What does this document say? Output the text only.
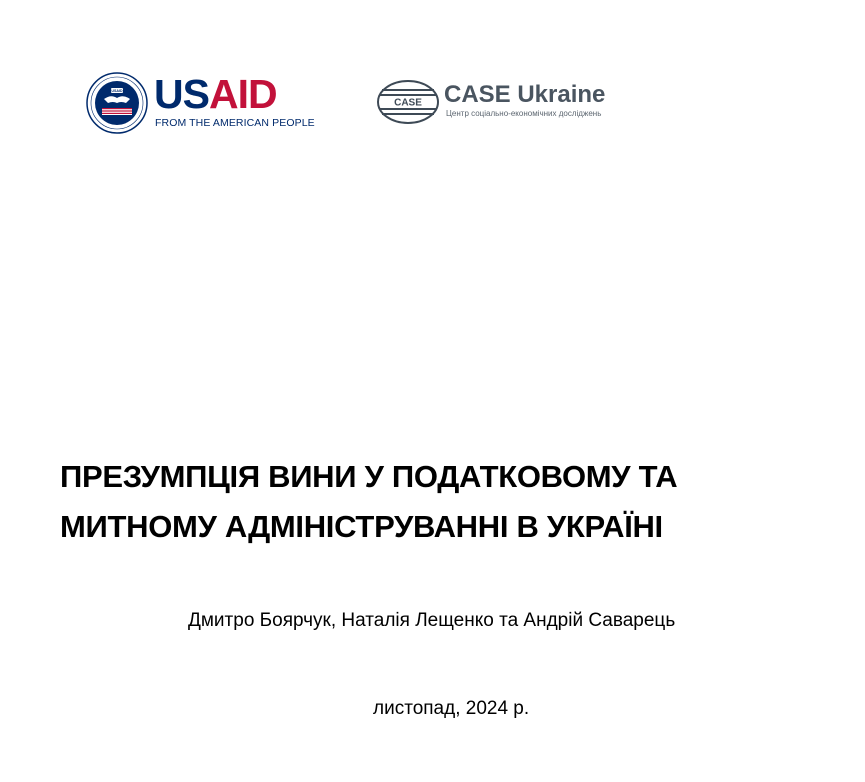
USAID USAID
FROM THE AMERICAN PEOPLE
CASE CASE Ukraine
Центр соціально-економічних досліджень
ПРЕЗУМПЦІЯ ВИНИ У ПОДАТКОВОМУ ТА
МИТНОМУ АДМІНІСТРУВАННІ В УКРАЇНІ
Дмитро Боярчук, Наталія Лещенко та Андрій Саварець
листопад, 2024 р.
